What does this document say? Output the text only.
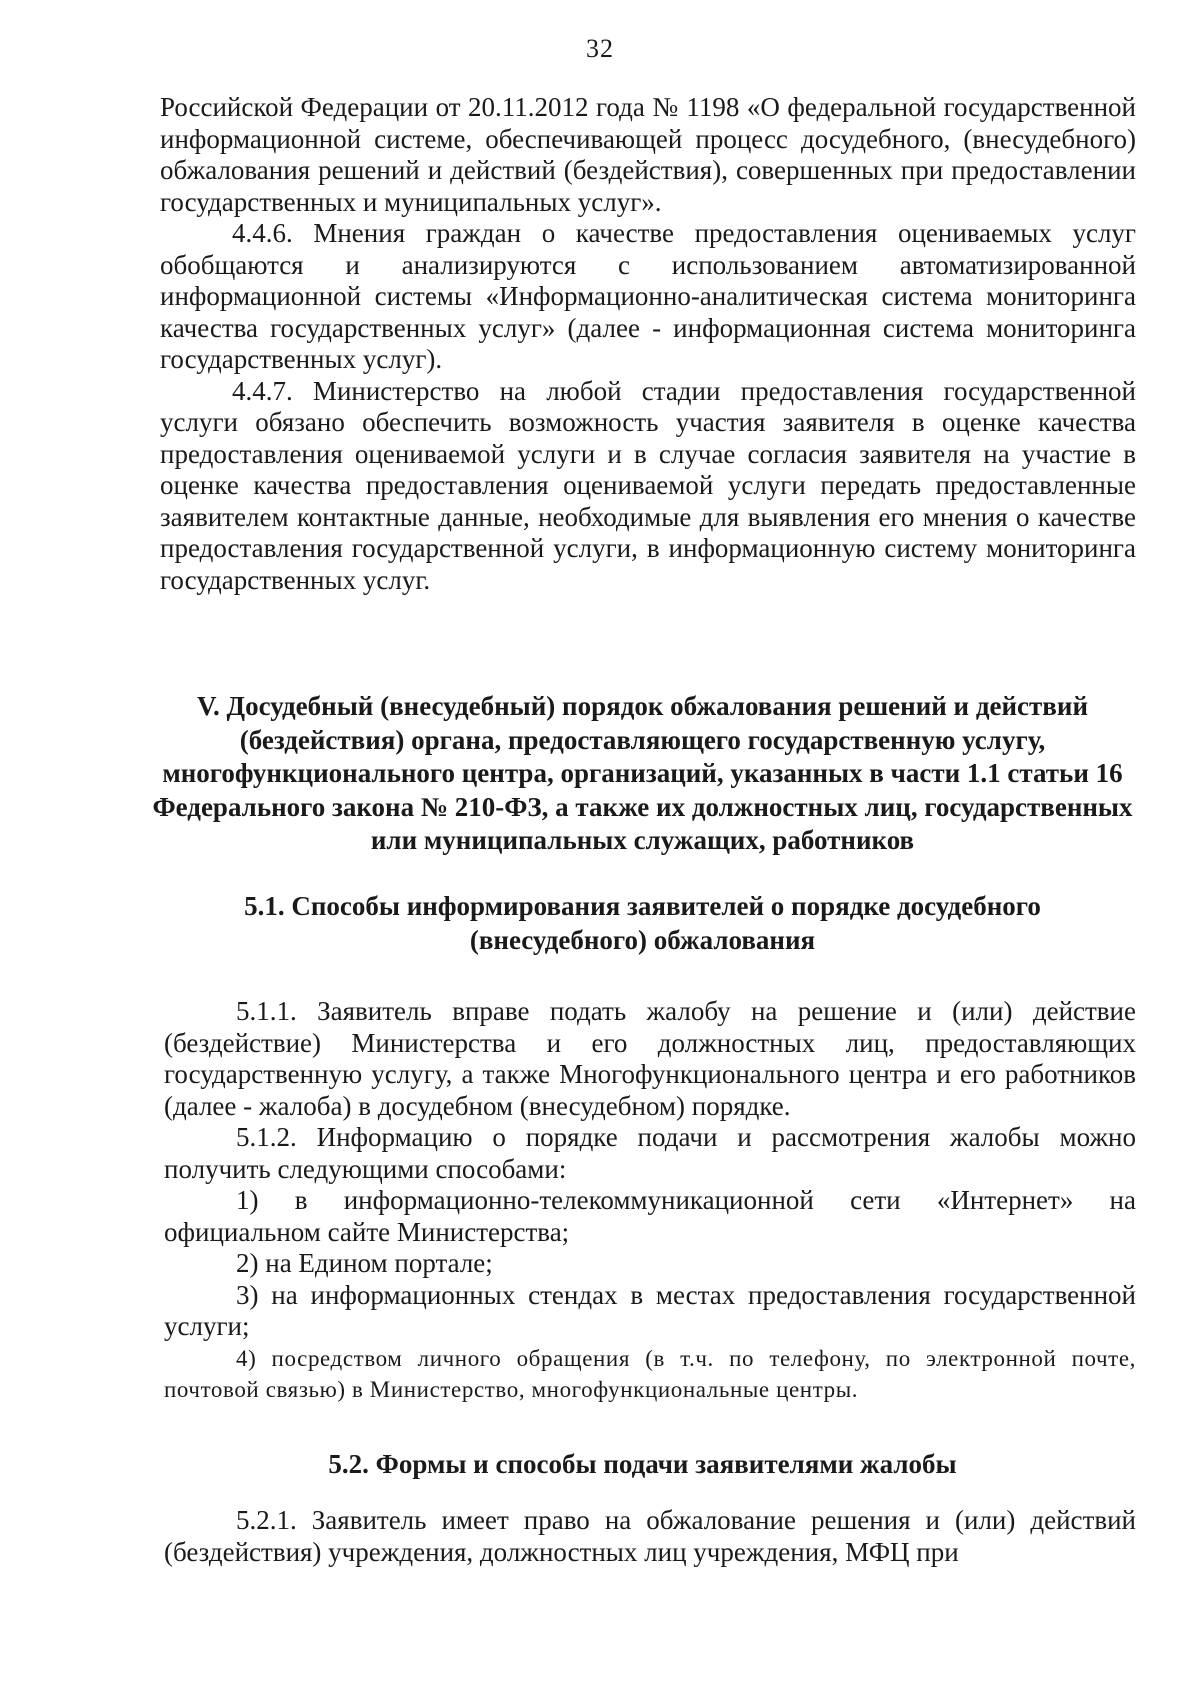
32

Российской Федерации от 20.11.2012 года № 1198 «О федеральной государственной информационной системе, обеспечивающей процесс досудебного, (внесудебного) обжалования решений и действий (бездействия), совершенных при предоставлении государственных и муниципальных услуг».

4.4.6. Мнения граждан о качестве предоставления оцениваемых услуг обобщаются и анализируются с использованием автоматизированной информационной системы «Информационно-аналитическая система мониторинга качества государственных услуг» (далее - информационная система мониторинга государственных услуг).

4.4.7. Министерство на любой стадии предоставления государственной услуги обязано обеспечить возможность участия заявителя в оценке качества предоставления оцениваемой услуги и в случае согласия заявителя на участие в оценке качества предоставления оцениваемой услуги передать предоставленные заявителем контактные данные, необходимые для выявления его мнения о качестве предоставления государственной услуги, в информационную систему мониторинга государственных услуг.

V. Досудебный (внесудебный) порядок обжалования решений и действий (бездействия) органа, предоставляющего государственную услугу, многофункционального центра, организаций, указанных в части 1.1 статьи 16 Федерального закона № 210-ФЗ, а также их должностных лиц, государственных или муниципальных служащих, работников

5.1. Способы информирования заявителей о порядке досудебного (внесудебного) обжалования

5.1.1. Заявитель вправе подать жалобу на решение и (или) действие (бездействие) Министерства и его должностных лиц, предоставляющих государственную услугу, а также Многофункционального центра и его работников (далее - жалоба) в досудебном (внесудебном) порядке.

5.1.2. Информацию о порядке подачи и рассмотрения жалобы можно получить следующими способами:

1) в информационно-телекоммуникационной сети «Интернет» на официальном сайте Министерства;

2) на Едином портале;

3) на информационных стендах в местах предоставления государственной услуги;

4) посредством личного обращения (в т.ч. по телефону, по электронной почте, почтовой связью) в Министерство, многофункциональные центры.

5.2. Формы и способы подачи заявителями жалобы

5.2.1. Заявитель имеет право на обжалование решения и (или) действий (бездействия) учреждения, должностных лиц учреждения, МФЦ при
